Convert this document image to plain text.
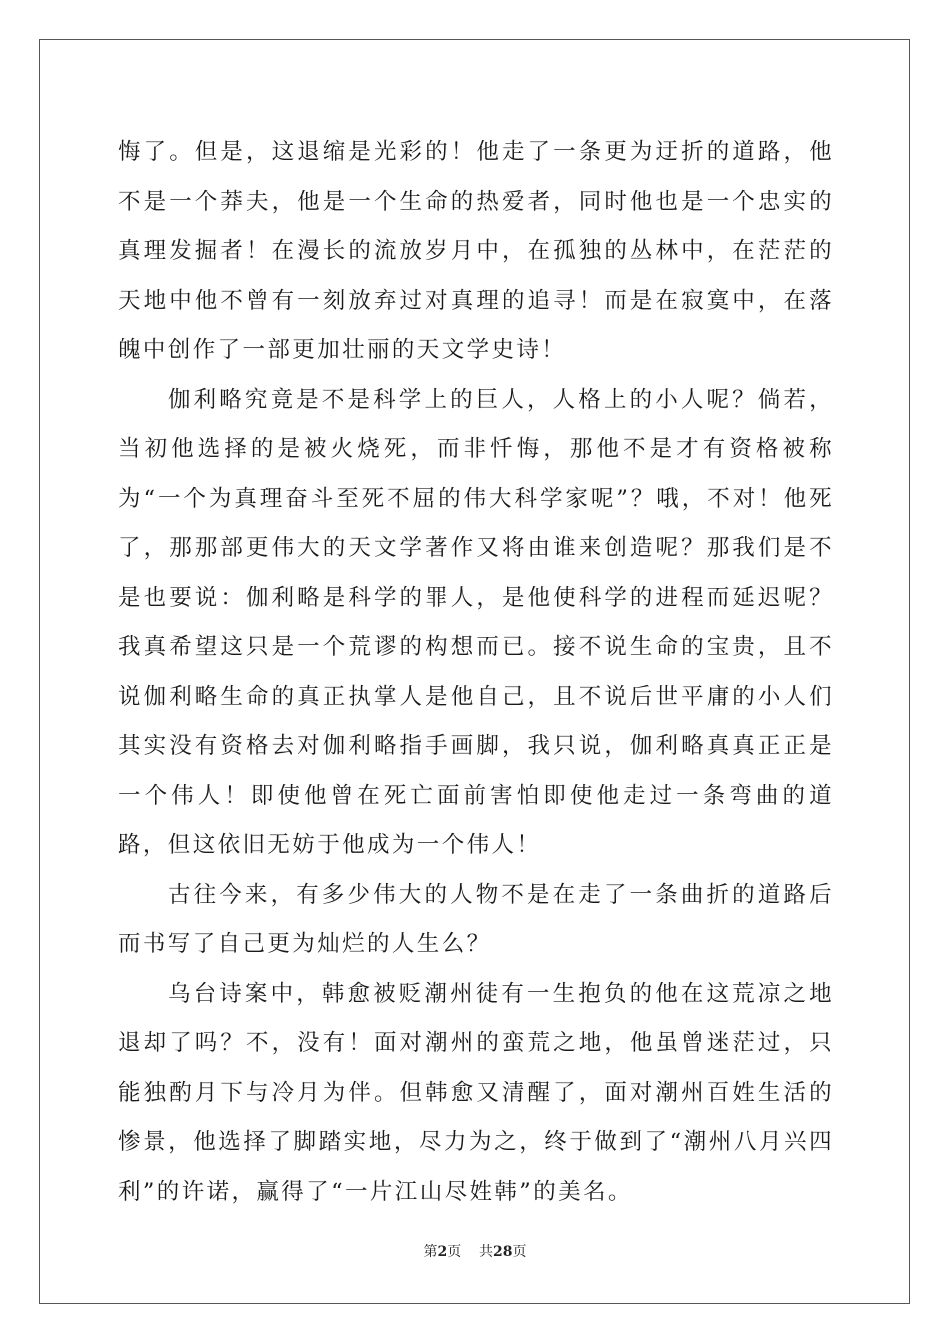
悔了。但是，这退缩是光彩的！他走了一条更为迂折的道路，他不是一个莽夫，他是一个生命的热爱者，同时他也是一个忠实的真理发掘者！在漫长的流放岁月中，在孤独的丛林中，在茫茫的天地中他不曾有一刻放弃过对真理的追寻！而是在寂寞中，在落魄中创作了一部更加壮丽的天文学史诗！

伽利略究竟是不是科学上的巨人，人格上的小人呢？倘若，当初他选择的是被火烧死，而非忏悔，那他不是才有资格被称为“一个为真理奋斗至死不屈的伟大科学家呢”？哦，不对！他死了，那那部更伟大的天文学著作又将由谁来创造呢？那我们是不是也要说：伽利略是科学的罪人，是他使科学的进程而延迟呢？我真希望这只是一个荒谬的构想而已。接不说生命的宝贵，且不说伽利略生命的真正执掌人是他自己，且不说后世平庸的小人们其实没有资格去对伽利略指手画脚，我只说，伽利略真真正正是一个伟人！即使他曾在死亡面前害怕即使他走过一条弯曲的道路，但这依旧无妨于他成为一个伟人！

古往今来，有多少伟大的人物不是在走了一条曲折的道路后而书写了自己更为灿烂的人生么？

乌台诗案中，韩愈被贬潮州徒有一生抱负的他在这荒凉之地退却了吗？不，没有！面对潮州的蛮荒之地，他虽曾迷茫过，只能独酌月下与冷月为伴。但韩愈又清醒了，面对潮州百姓生活的惨景，他选择了脚踏实地，尽力为之，终于做到了“潮州八月兴四利”的许诺，赢得了“一片江山尽姓韩”的美名。

第2页 共28页
